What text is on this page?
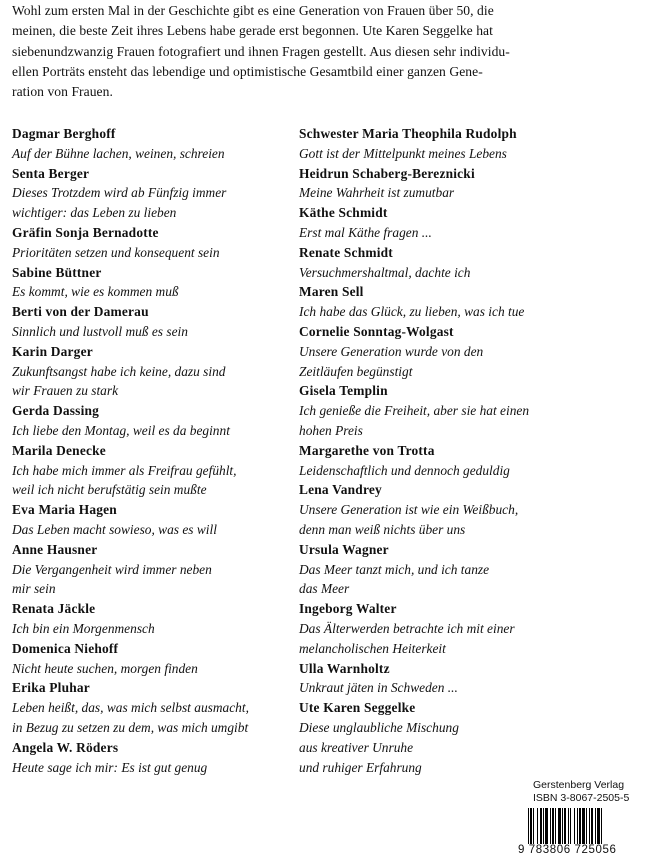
Wohl zum ersten Mal in der Geschichte gibt es eine Generation von Frauen über 50, die

meinen, die beste Zeit ihres Lebens habe gerade erst begonnen. Ute Karen Seggelke hat

siebenundzwanzig Frauen fotografiert und ihnen Fragen gestellt. Aus diesen sehr individu-

ellen Porträts ensteht das lebendige und optimistische Gesamtbild einer ganzen Gene-

ration von Frauen.

Dagmar Berghoff
Auf der Bühne lachen, weinen, schreien
Senta Berger
Dieses Trotzdem wird ab Fünfzig immer
wichtiger: das Leben zu lieben
Gräfin Sonja Bernadotte
Prioritäten setzen und konsequent sein
Sabine Büttner
Es kommt, wie es kommen muß
Berti von der Damerau
Sinnlich und lustvoll muß es sein
Karin Darger
Zukunftsangst habe ich keine, dazu sind
wir Frauen zu stark
Gerda Dassing
Ich liebe den Montag, weil es da beginnt
Marila Denecke
Ich habe mich immer als Freifrau gefühlt,
weil ich nicht berufstätig sein mußte
Eva Maria Hagen
Das Leben macht sowieso, was es will
Anne Hausner
Die Vergangenheit wird immer neben
mir sein
Renata Jäckle
Ich bin ein Morgenmensch
Domenica Niehoff
Nicht heute suchen, morgen finden
Erika Pluhar
Leben heißt, das, was mich selbst ausmacht,
in Bezug zu setzen zu dem, was mich umgibt
Angela W. Röders
Heute sage ich mir: Es ist gut genug
Schwester Maria Theophila Rudolph
Gott ist der Mittelpunkt meines Lebens
Heidrun Schaberg-Bereznicki
Meine Wahrheit ist zumutbar
Käthe Schmidt
Erst mal Käthe fragen ...
Renate Schmidt
Versuchmershaltmal, dachte ich
Maren Sell
Ich habe das Glück, zu lieben, was ich tue
Cornelie Sonntag-Wolgast
Unsere Generation wurde von den
Zeitläufen begünstigt
Gisela Templin
Ich genieße die Freiheit, aber sie hat einen
hohen Preis
Margarethe von Trotta
Leidenschaftlich und dennoch geduldig
Lena Vandrey
Unsere Generation ist wie ein Weißbuch,
denn man weiß nichts über uns
Ursula Wagner
Das Meer tanzt mich, und ich tanze
das Meer
Ingeborg Walter
Das Älterwerden betrachte ich mit einer
melancholischen Heiterkeit
Ulla Warnholtz
Unkraut jäten in Schweden ...
Ute Karen Seggelke
Diese unglaubliche Mischung
aus kreativer Unruhe
und ruhiger Erfahrung
Gerstenberg Verlag
ISBN 3-8067-2505-5
9 783806 725056
